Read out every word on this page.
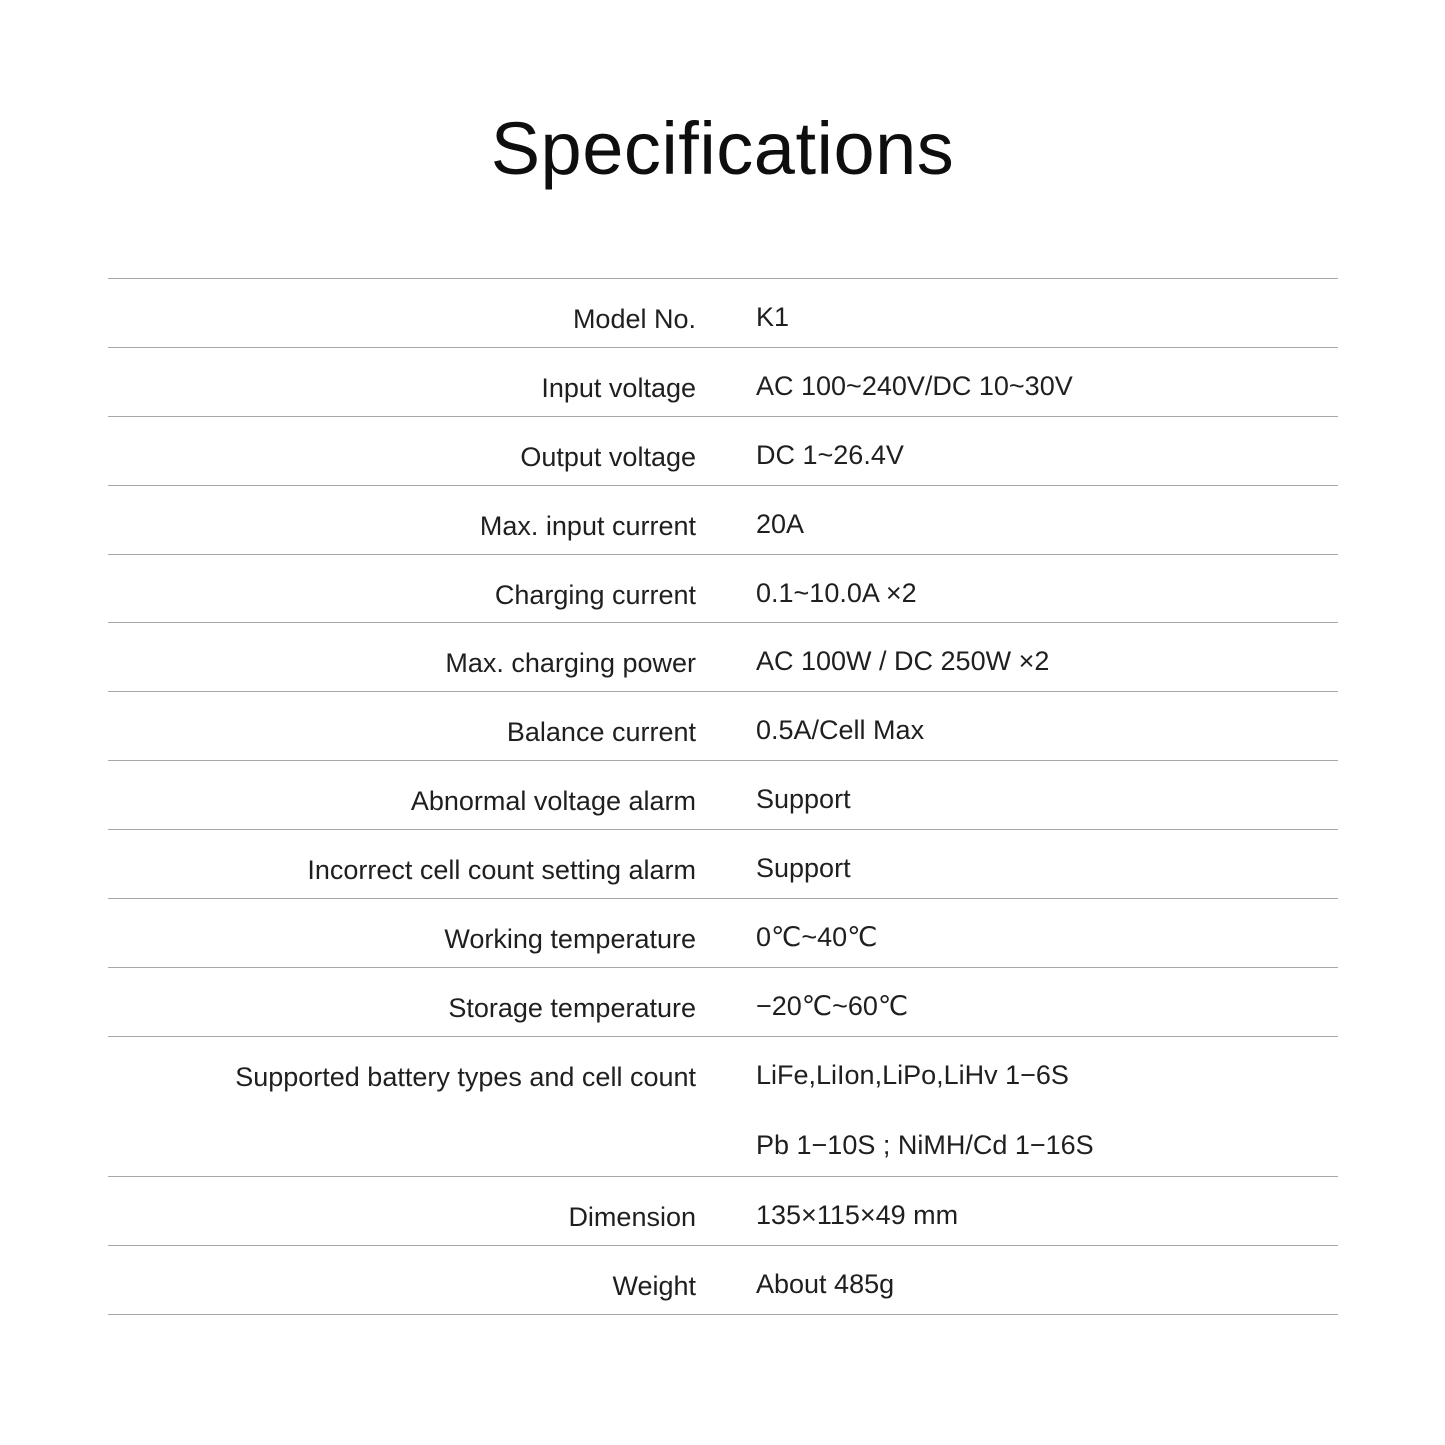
Specifications
Model No. K1
Input voltage AC 100~240V/DC 10~30V
Output voltage DC 1~26.4V
Max. input current 20A
Charging current 0.1~10.0A ×2
Max. charging power AC 100W / DC 250W ×2
Balance current 0.5A/Cell Max
Abnormal voltage alarm Support
Incorrect cell count setting alarm Support
Working temperature 0℃~40℃
Storage temperature −20℃~60℃
Supported battery types and cell count LiFe,LiIon,LiPo,LiHv 1−6S
Pb 1−10S ; NiMH/Cd 1−16S
Dimension 135×115×49 mm
Weight About 485g
